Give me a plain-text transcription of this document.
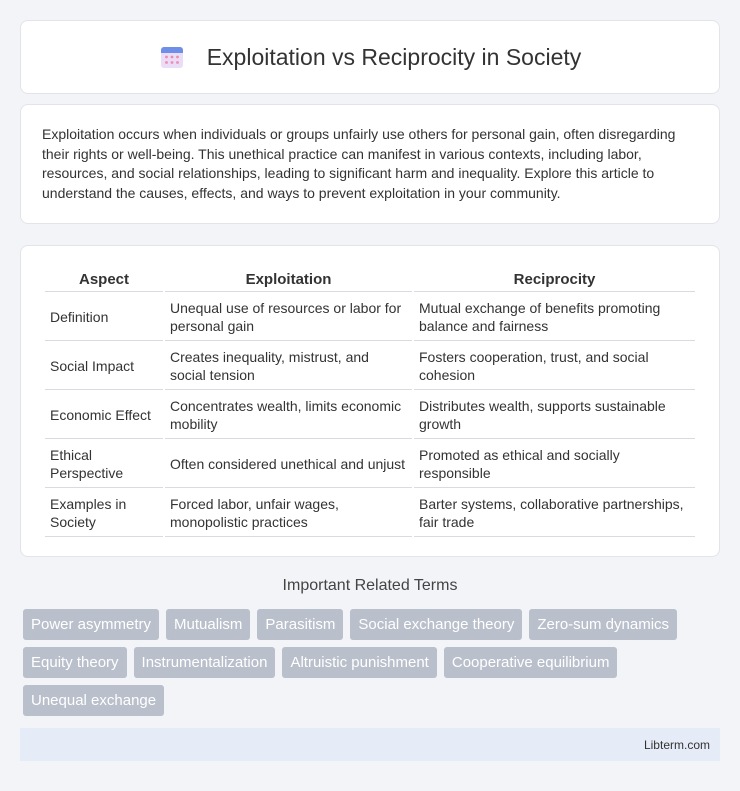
Exploitation vs Reciprocity in Society

Exploitation occurs when individuals or groups unfairly use others for personal gain, often disregarding their rights or well-being. This unethical practice can manifest in various contexts, including labor, resources, and social relationships, leading to significant harm and inequality. Explore this article to understand the causes, effects, and ways to prevent exploitation in your community.

Aspect	Exploitation	Reciprocity
Definition	Unequal use of resources or labor for personal gain	Mutual exchange of benefits promoting balance and fairness
Social Impact	Creates inequality, mistrust, and social tension	Fosters cooperation, trust, and social cohesion
Economic Effect	Concentrates wealth, limits economic mobility	Distributes wealth, supports sustainable growth
Ethical Perspective	Often considered unethical and unjust	Promoted as ethical and socially responsible
Examples in Society	Forced labor, unfair wages, monopolistic practices	Barter systems, collaborative partnerships, fair trade
Important Related Terms
Power asymmetry	Mutualism	Parasitism	Social exchange theory	Zero-sum dynamics
Equity theory	Instrumentalization	Altruistic punishment	Cooperative equilibrium
Unequal exchange
Libterm.com
